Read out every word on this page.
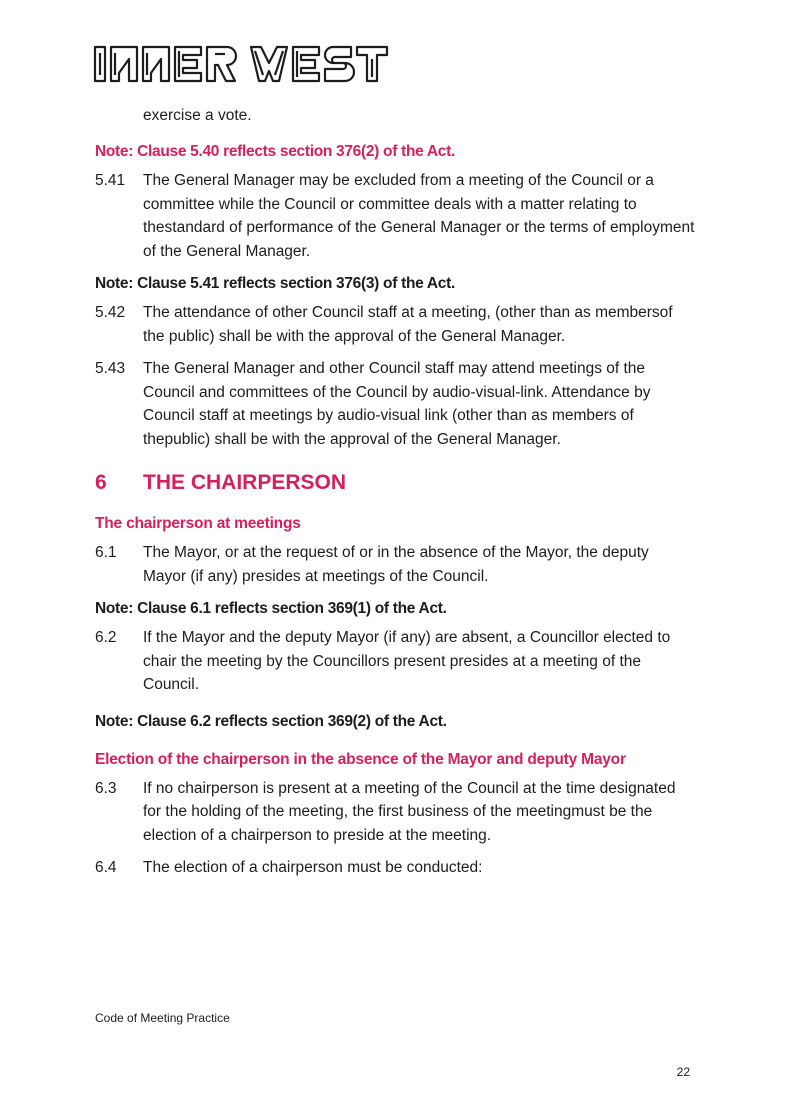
exercise a vote.

Note: Clause 5.40 reflects section 376(2) of the Act.

5.41	The General Manager may be excluded from a meeting of the Council or a committee while the Council or committee deals with a matter relating to thestandard of performance of the General Manager or the terms of employment of the General Manager.

Note: Clause 5.41 reflects section 376(3) of the Act.

5.42	The attendance of other Council staff at a meeting, (other than as membersof the public) shall be with the approval of the General Manager.
5.43	The General Manager and other Council staff may attend meetings of the Council and committees of the Council by audio-visual-link. Attendance by Council staff at meetings by audio-visual link (other than as members of thepublic) shall be with the approval of the General Manager.
6	THE CHAIRPERSON
The chairperson at meetings
6.1	The Mayor, or at the request of or in the absence of the Mayor, the deputy Mayor (if any) presides at meetings of the Council.

Note: Clause 6.1 reflects section 369(1) of the Act.

6.2	If the Mayor and the deputy Mayor (if any) are absent, a Councillor elected to chair the meeting by the Councillors present presides at a meeting of the Council.

Note: Clause 6.2 reflects section 369(2) of the Act.

Election of the chairperson in the absence of the Mayor and deputy Mayor
6.3	If no chairperson is present at a meeting of the Council at the time designated for the holding of the meeting, the first business of the meetingmust be the election of a chairperson to preside at the meeting.
6.4	The election of a chairperson must be conducted:
Code of Meeting Practice
22
